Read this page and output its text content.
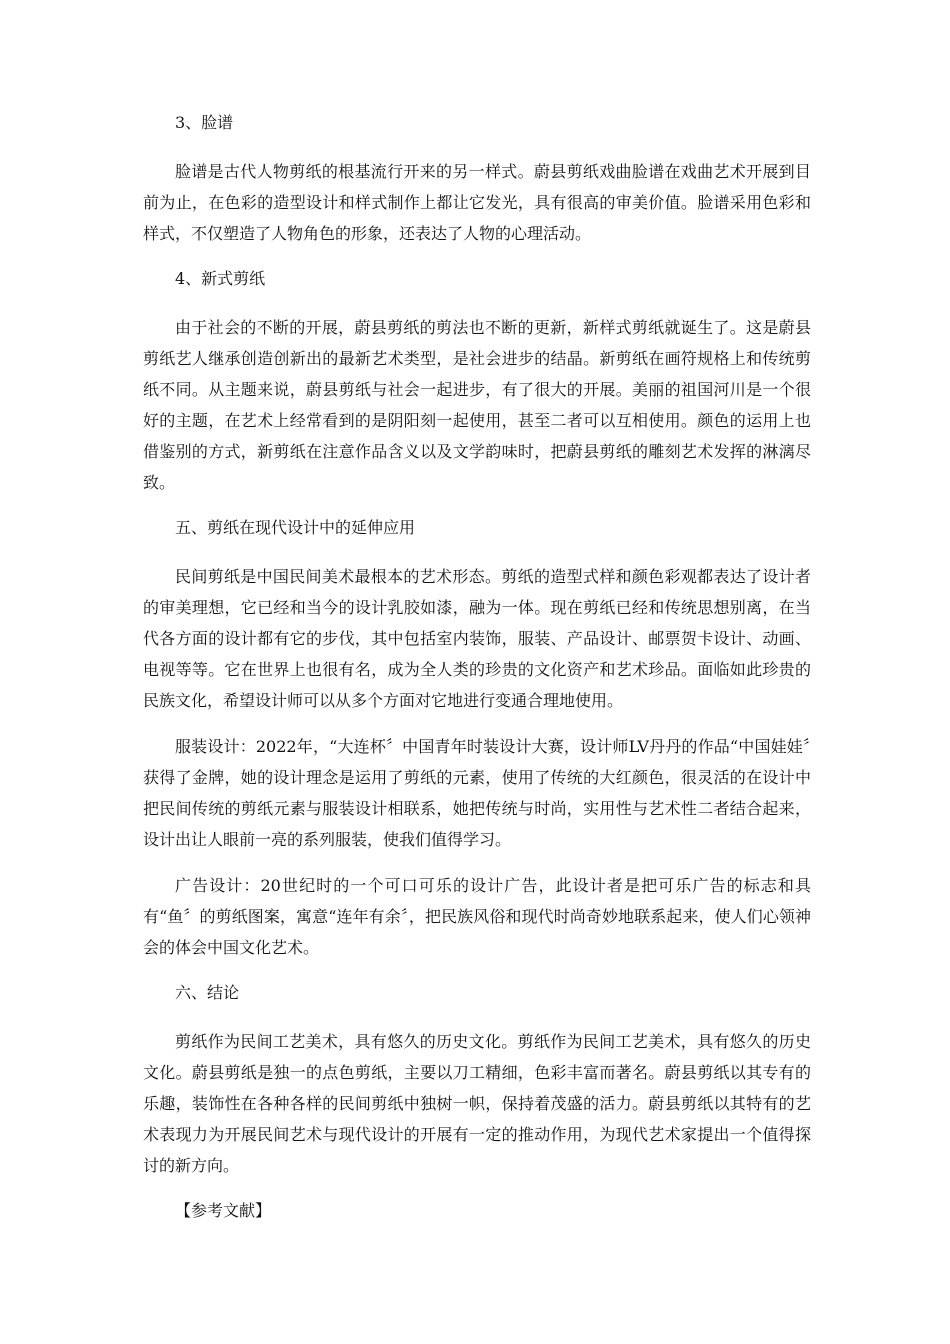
3、脸谱

脸谱是古代人物剪纸的根基流行开来的另一样式。蔚县剪纸戏曲脸谱在戏曲艺术开展到目前为止，在色彩的造型设计和样式制作上都让它发光，具有很高的审美价值。脸谱采用色彩和样式，不仅塑造了人物角色的形象，还表达了人物的心理活动。

4、新式剪纸

由于社会的不断的开展，蔚县剪纸的剪法也不断的更新，新样式剪纸就诞生了。这是蔚县剪纸艺人继承创造创新出的最新艺术类型，是社会进步的结晶。新剪纸在画符规格上和传统剪纸不同。从主题来说，蔚县剪纸与社会一起进步，有了很大的开展。美丽的祖国河川是一个很好的主题，在艺术上经常看到的是阴阳刻一起使用，甚至二者可以互相使用。颜色的运用上也借鉴别的方式，新剪纸在注意作品含义以及文学韵味时，把蔚县剪纸的雕刻艺术发挥的淋漓尽致。

五、剪纸在现代设计中的延伸应用

民间剪纸是中国民间美术最根本的艺术形态。剪纸的造型式样和颜色彩观都表达了设计者的审美理想，它已经和当今的设计乳胶如漆，融为一体。现在剪纸已经和传统思想别离，在当代各方面的设计都有它的步伐，其中包括室内装饰，服装、产品设计、邮票贺卡设计、动画、电视等等。它在世界上也很有名，成为全人类的珍贵的文化资产和艺术珍品。面临如此珍贵的民族文化，希望设计师可以从多个方面对它地进行变通合理地使用。

服装设计：2022年，“大连杯〞中国青年时装设计大赛，设计师LV丹丹的作品“中国娃娃〞获得了金牌，她的设计理念是运用了剪纸的元素，使用了传统的大红颜色，很灵活的在设计中把民间传统的剪纸元素与服装设计相联系，她把传统与时尚，实用性与艺术性二者结合起来，设计出让人眼前一亮的系列服装，使我们值得学习。

广告设计：20世纪时的一个可口可乐的设计广告，此设计者是把可乐广告的标志和具有“鱼〞的剪纸图案，寓意“连年有余〞，把民族风俗和现代时尚奇妙地联系起来，使人们心领神会的体会中国文化艺术。

六、结论

剪纸作为民间工艺美术，具有悠久的历史文化。剪纸作为民间工艺美术，具有悠久的历史文化。蔚县剪纸是独一的点色剪纸，主要以刀工精细，色彩丰富而著名。蔚县剪纸以其专有的乐趣，装饰性在各种各样的民间剪纸中独树一帜，保持着茂盛的活力。蔚县剪纸以其特有的艺术表现力为开展民间艺术与现代设计的开展有一定的推动作用，为现代艺术家提出一个值得探讨的新方向。

【参考文献】
